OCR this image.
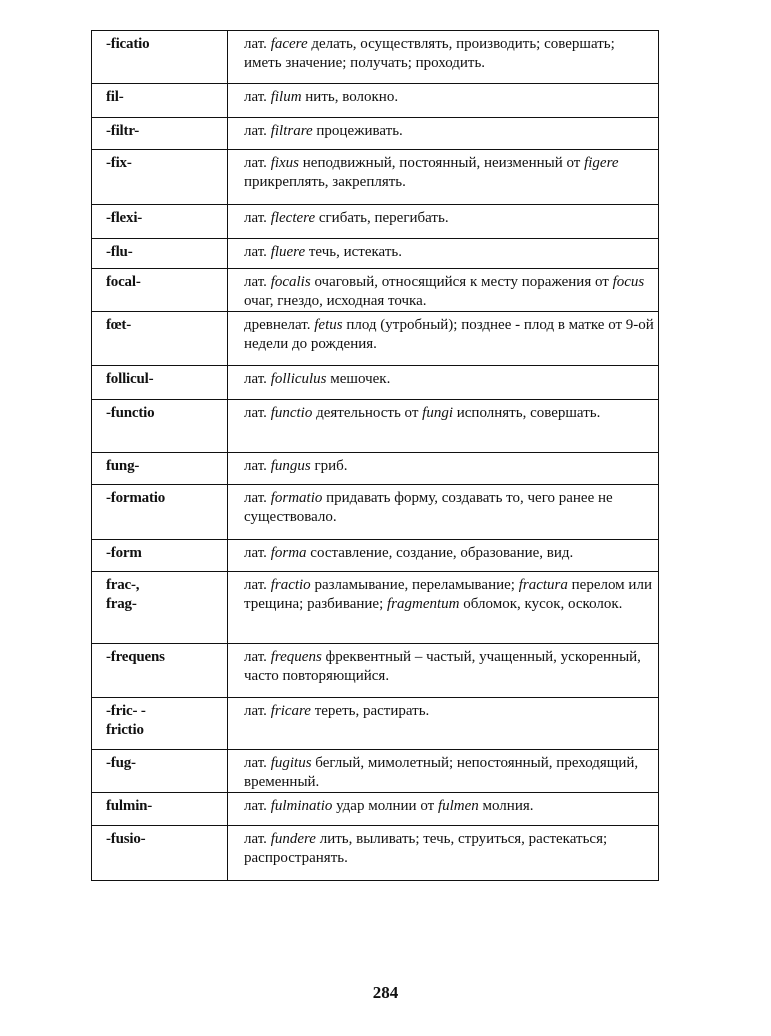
-ficatio	лат. facere делать, осуществлять, производить; совершать; иметь значение; получать; проходить.

fil-	лат. filum нить, волокно.

-filtr-	лат. filtrare процеживать.

-fix-	лат. fixus неподвижный, постоянный, неизменный от figere прикреплять, закреплять.

-flexi-	лат. flectere сгибать, перегибать.

-flu-	лат. fluere течь, истекать.

focal-	лат. focalis очаговый, относящийся к месту поражения от focus очаг, гнездо, исходная точка.

fœt-	древнелат. fetus плод (утробный); позднее - плод в матке от 9-ой недели до рождения.

follicul-	лат. folliculus мешочек.

-functio	лат. functio деятельность от fungi исполнять, совершать.

fung-	лат. fungus гриб.

-formatio	лат. formatio придавать форму, создавать то, чего ранее не существовало.

-form	лат. forma составление, создание, образование, вид.

frac-,
frag-	лат. fractio разламывание, переламывание; fractura перелом или трещина; разбивание; fragmentum обломок, кусок, осколок.

-frequens	лат. frequens фреквентный – частый, учащенный, ускоренный, часто повторяющийся.

-fric- -
frictio	лат. fricare тереть, растирать.

-fug-	лат. fugitus беглый, мимолетный; непостоянный, преходящий, временный.

fulmin-	лат. fulminatio удар молнии от fulmen молния.

-fusio-	лат. fundere лить, выливать; течь, струиться, растекаться; распространять.
284
